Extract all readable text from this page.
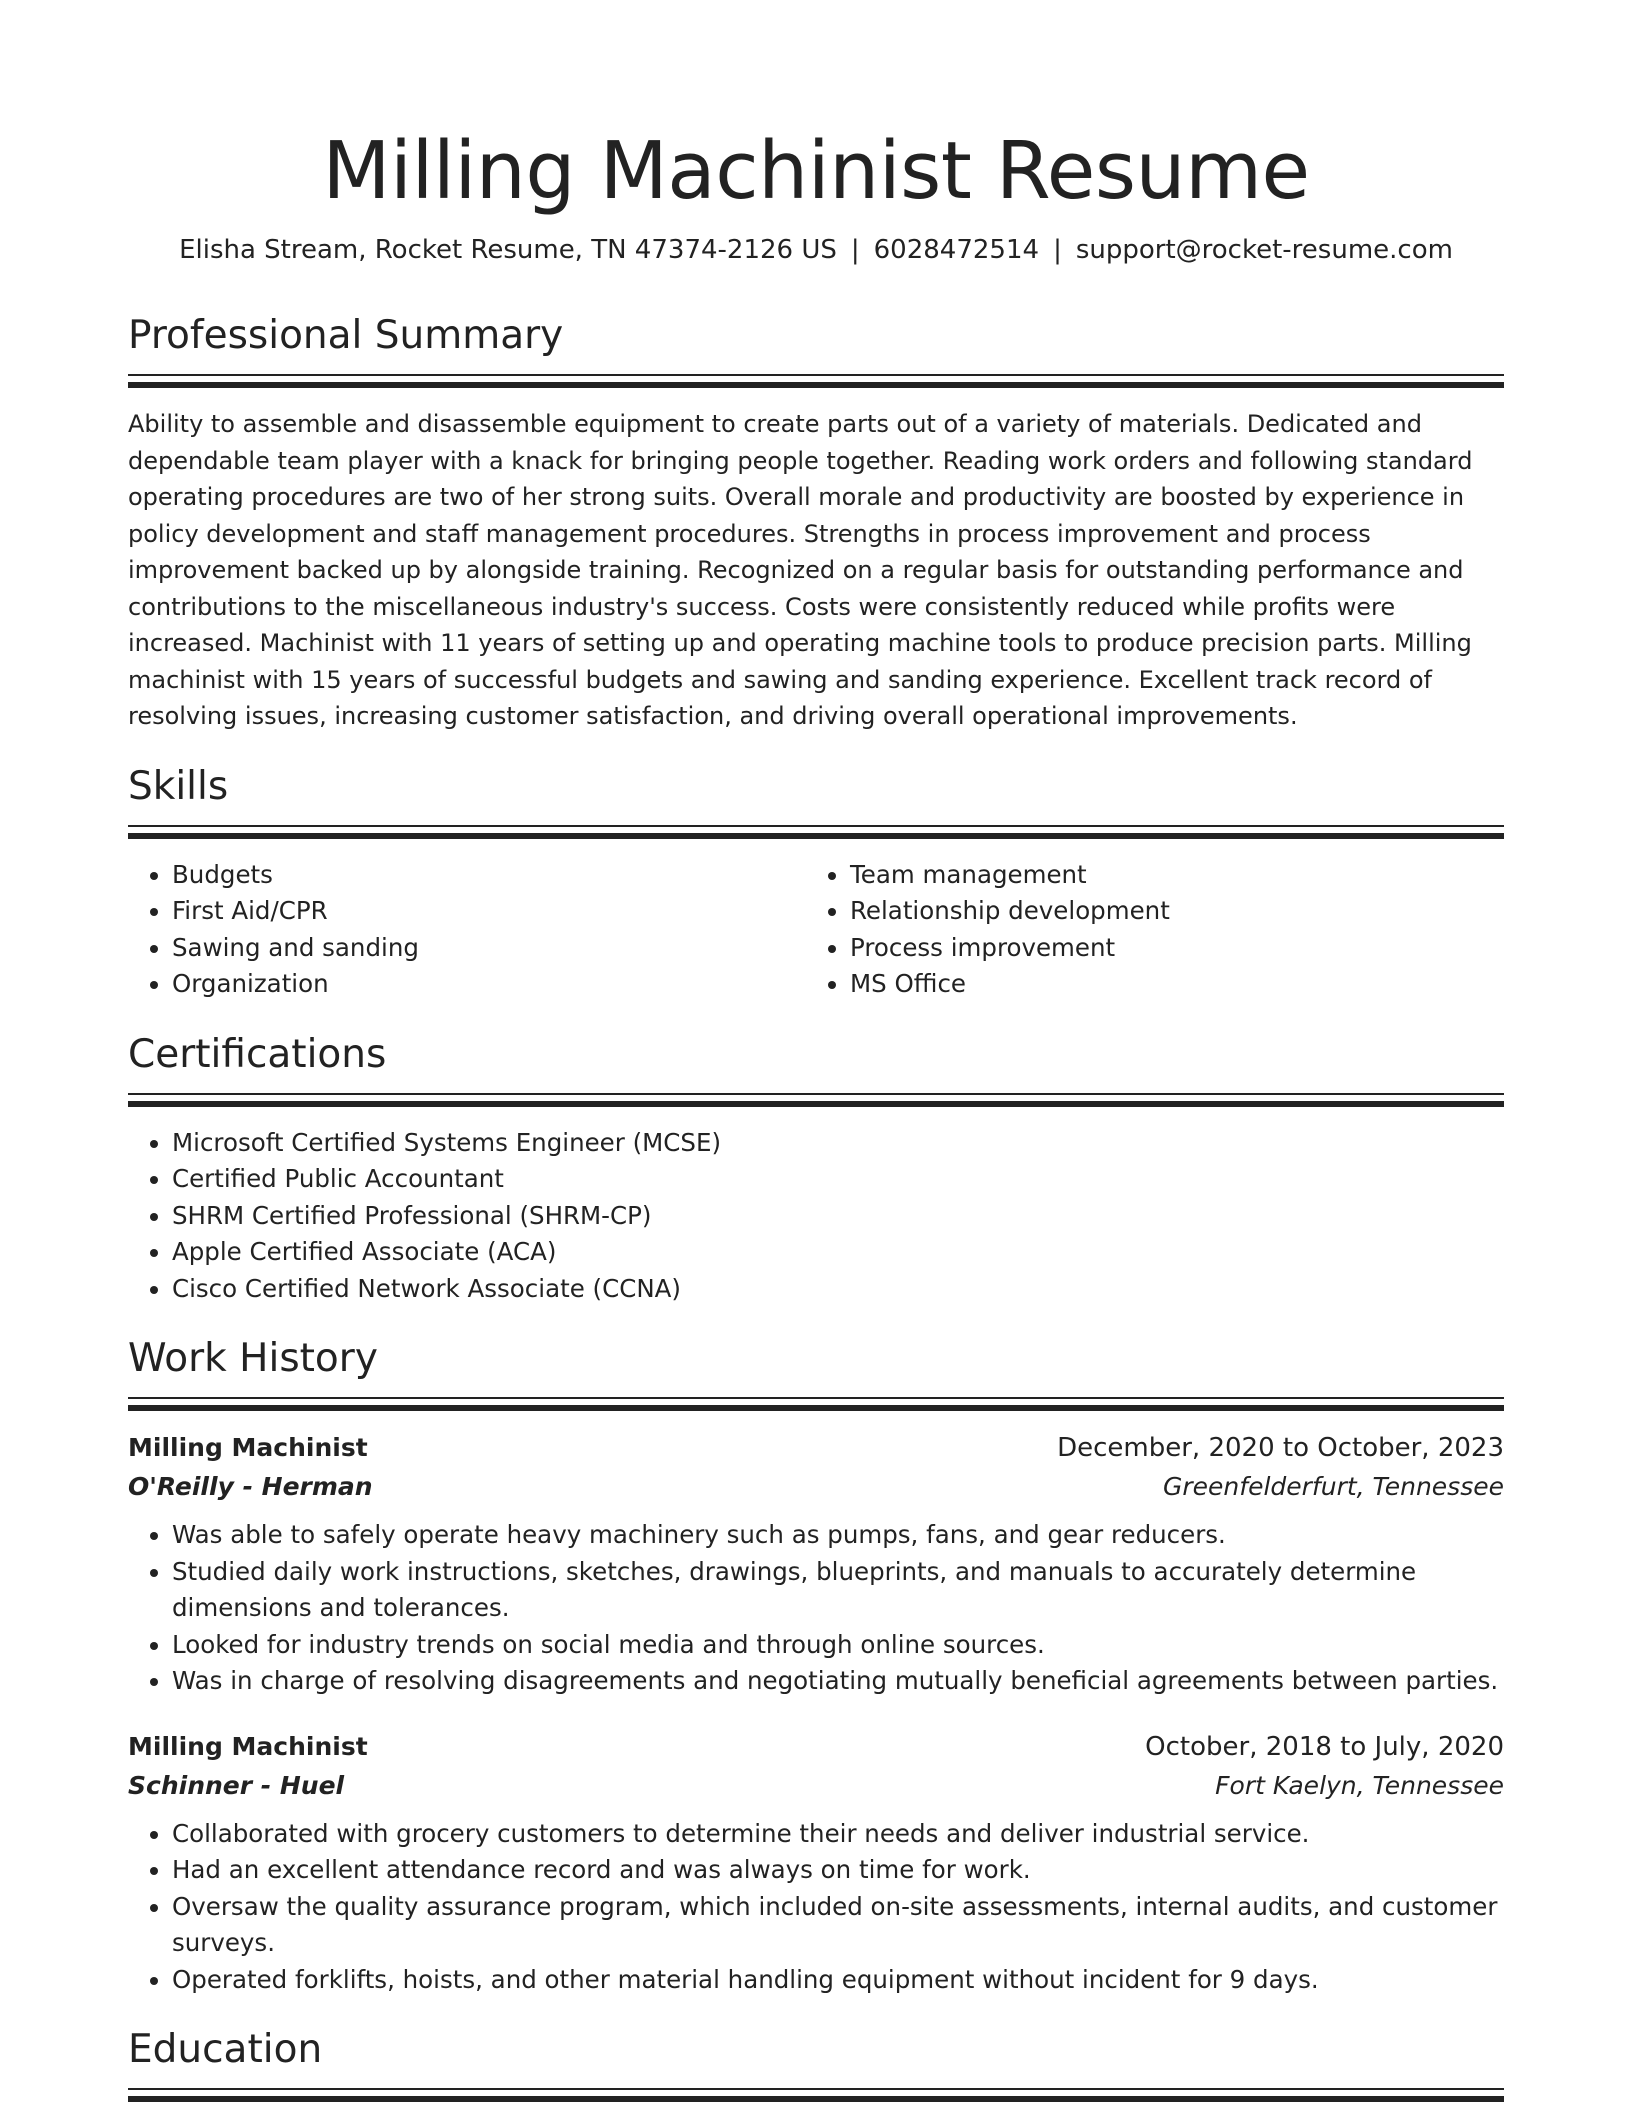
Milling Machinist Resume
Elisha Stream, Rocket Resume, TN 47374-2126 US | 6028472514 | support@rocket-resume.com
Professional Summary

Ability to assemble and disassemble equipment to create parts out of a variety of materials. Dedicated and dependable team player with a knack for bringing people together. Reading work orders and following standard operating procedures are two of her strong suits. Overall morale and productivity are boosted by experience in policy development and staff management procedures. Strengths in process improvement and process improvement backed up by alongside training. Recognized on a regular basis for outstanding performance and contributions to the miscellaneous industry's success. Costs were consistently reduced while profits were increased. Machinist with 11 years of setting up and operating machine tools to produce precision parts. Milling machinist with 15 years of successful budgets and sawing and sanding experience. Excellent track record of resolving issues, increasing customer satisfaction, and driving overall operational improvements.

Skills
• Budgets
• First Aid/CPR
• Sawing and sanding
• Organization
• Team management
• Relationship development
• Process improvement
• MS Office
Certifications
• Microsoft Certified Systems Engineer (MCSE)
• Certified Public Accountant
• SHRM Certified Professional (SHRM-CP)
• Apple Certified Associate (ACA)
• Cisco Certified Network Associate (CCNA)
Work History
Milling Machinist	December, 2020 to October, 2023
O'Reilly - Herman	Greenfelderfurt, Tennessee
• Was able to safely operate heavy machinery such as pumps, fans, and gear reducers.
• Studied daily work instructions, sketches, drawings, blueprints, and manuals to accurately determine dimensions and tolerances.
• Looked for industry trends on social media and through online sources.
• Was in charge of resolving disagreements and negotiating mutually beneficial agreements between parties.
Milling Machinist	October, 2018 to July, 2020
Schinner - Huel	Fort Kaelyn, Tennessee
• Collaborated with grocery customers to determine their needs and deliver industrial service.
• Had an excellent attendance record and was always on time for work.
• Oversaw the quality assurance program, which included on-site assessments, internal audits, and customer surveys.
• Operated forklifts, hoists, and other material handling equipment without incident for 9 days.
Education
